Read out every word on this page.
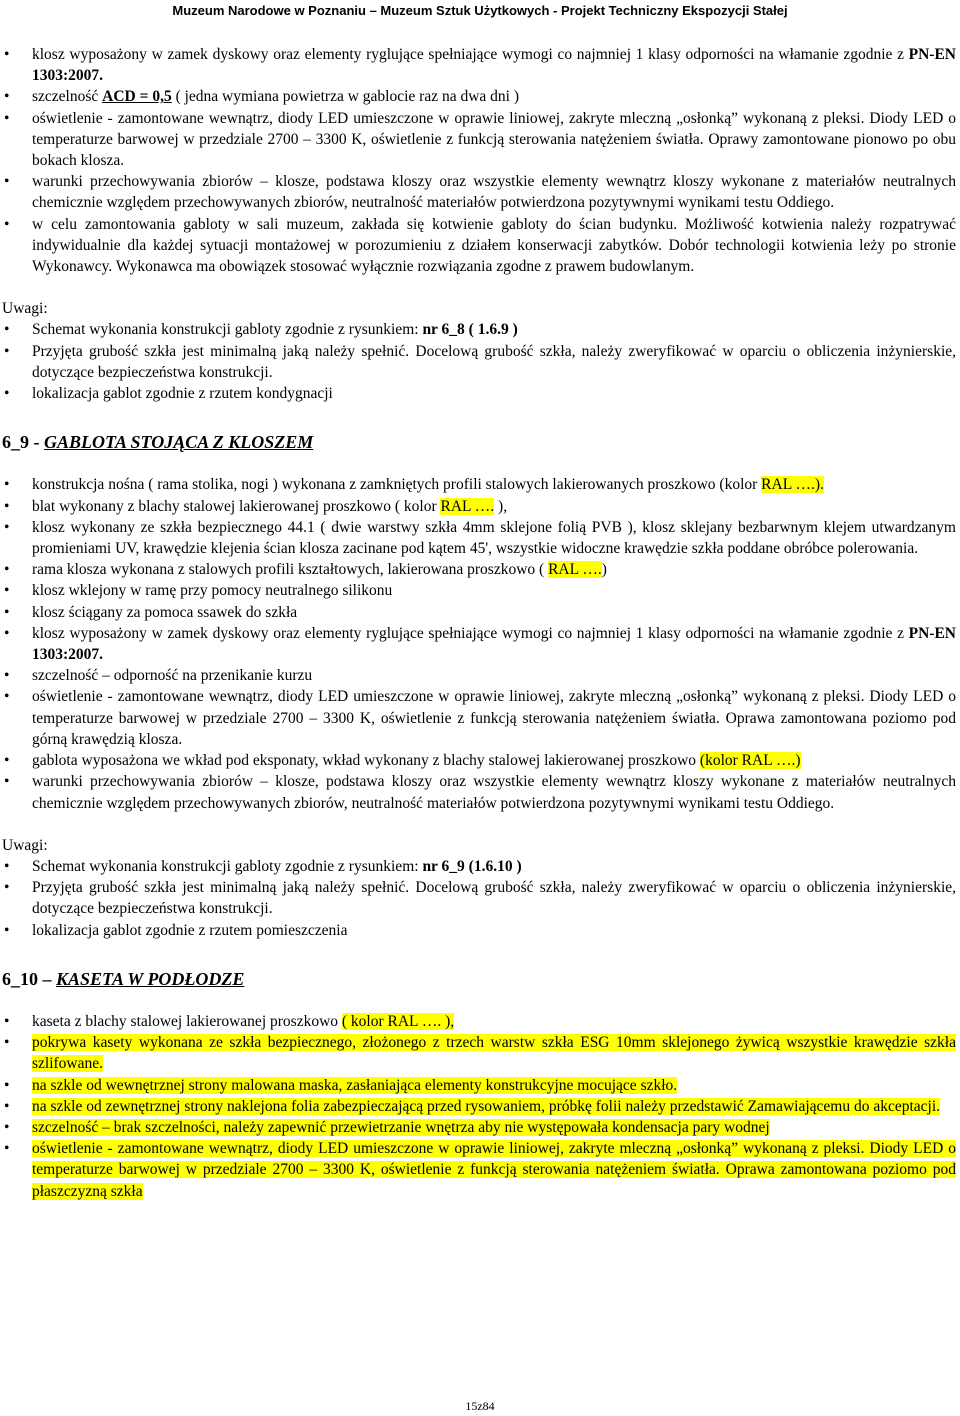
Muzeum Narodowe w Poznaniu – Muzeum Sztuk Użytkowych - Projekt Techniczny Ekspozycji Stałej
• klosz wyposażony w zamek dyskowy oraz elementy ryglujące spełniające wymogi co najmniej 1 klasy odporności na włamanie zgodnie z PN-EN 1303:2007.
• szczelność ACD = 0,5 ( jedna wymiana powietrza w gablocie raz na dwa dni )
• oświetlenie - zamontowane wewnątrz, diody LED umieszczone w oprawie liniowej, zakryte mleczną „osłonką” wykonaną z pleksi. Diody LED o temperaturze barwowej w przedziale 2700 – 3300 K, oświetlenie z funkcją sterowania natężeniem światła. Oprawy zamontowane pionowo po obu bokach klosza.
• warunki przechowywania zbiorów – klosze, podstawa kloszy oraz wszystkie elementy wewnątrz kloszy wykonane z materiałów neutralnych chemicznie względem przechowywanych zbiorów, neutralność materiałów potwierdzona pozytywnymi wynikami testu Oddiego.
• w celu zamontowania gabloty w sali muzeum, zakłada się kotwienie gabloty do ścian budynku. Możliwość kotwienia należy rozpatrywać indywidualnie dla każdej sytuacji montażowej w porozumieniu z działem konserwacji zabytków. Dobór technologii kotwienia leży po stronie Wykonawcy. Wykonawca ma obowiązek stosować wyłącznie rozwiązania zgodne z prawem budowlanym.
Uwagi:
• Schemat wykonania konstrukcji gabloty zgodnie z rysunkiem: nr 6_8 ( 1.6.9 )
• Przyjęta grubość szkła jest minimalną jaką należy spełnić. Docelową grubość szkła, należy zweryfikować w oparciu o obliczenia inżynierskie, dotyczące bezpieczeństwa konstrukcji.
• lokalizacja gablot zgodnie z rzutem kondygnacji
6_9 - GABLOTA STOJĄCA Z KLOSZEM
• konstrukcja nośna ( rama stolika, nogi ) wykonana z zamkniętych profili stalowych lakierowanych proszkowo (kolor RAL ….).
• blat wykonany z blachy stalowej lakierowanej proszkowo ( kolor RAL …. ),
• klosz wykonany ze szkła bezpiecznego 44.1 ( dwie warstwy szkła 4mm sklejone folią PVB ), klosz sklejany bezbarwnym klejem utwardzanym promieniami UV, krawędzie klejenia ścian klosza zacinane pod kątem 45', wszystkie widoczne krawędzie szkła poddane obróbce polerowania.
• rama klosza wykonana z stalowych profili kształtowych, lakierowana proszkowo ( RAL ….)
• klosz wklejony w ramę przy pomocy neutralnego silikonu
• klosz ściągany za pomoca ssawek do szkła
• klosz wyposażony w zamek dyskowy oraz elementy ryglujące spełniające wymogi co najmniej 1 klasy odporności na włamanie zgodnie z PN-EN 1303:2007.
• szczelność – odporność na przenikanie kurzu
• oświetlenie - zamontowane wewnątrz, diody LED umieszczone w oprawie liniowej, zakryte mleczną „osłonką” wykonaną z pleksi. Diody LED o temperaturze barwowej w przedziale 2700 – 3300 K, oświetlenie z funkcją sterowania natężeniem światła. Oprawa zamontowana poziomo pod górną krawędzią klosza.
• gablota wyposażona we wkład pod eksponaty, wkład wykonany z blachy stalowej lakierowanej proszkowo (kolor RAL ….)
• warunki przechowywania zbiorów – klosze, podstawa kloszy oraz wszystkie elementy wewnątrz kloszy wykonane z materiałów neutralnych chemicznie względem przechowywanych zbiorów, neutralność materiałów potwierdzona pozytywnymi wynikami testu Oddiego.
Uwagi:
• Schemat wykonania konstrukcji gabloty zgodnie z rysunkiem: nr 6_9 (1.6.10 )
• Przyjęta grubość szkła jest minimalną jaką należy spełnić. Docelową grubość szkła, należy zweryfikować w oparciu o obliczenia inżynierskie, dotyczące bezpieczeństwa konstrukcji.
• lokalizacja gablot zgodnie z rzutem pomieszczenia
6_10 – KASETA W PODŁODZE
• kaseta z blachy stalowej lakierowanej proszkowo ( kolor RAL …. ),
• pokrywa kasety wykonana ze szkła bezpiecznego, złożonego z trzech warstw szkła ESG 10mm sklejonego żywicą wszystkie krawędzie szkła szlifowane.
• na szkle od wewnętrznej strony malowana maska, zasłaniająca elementy konstrukcyjne mocujące szkło.
• na szkle od zewnętrznej strony naklejona folia zabezpieczającą przed rysowaniem, próbkę folii należy przedstawić Zamawiającemu do akceptacji.
• szczelność – brak szczelności, należy zapewnić przewietrzanie wnętrza aby nie występowała kondensacja pary wodnej
• oświetlenie - zamontowane wewnątrz, diody LED umieszczone w oprawie liniowej, zakryte mleczną „osłonką” wykonaną z pleksi. Diody LED o temperaturze barwowej w przedziale 2700 – 3300 K, oświetlenie z funkcją sterowania natężeniem światła. Oprawa zamontowana poziomo pod płaszczyzną szkła
15z84
